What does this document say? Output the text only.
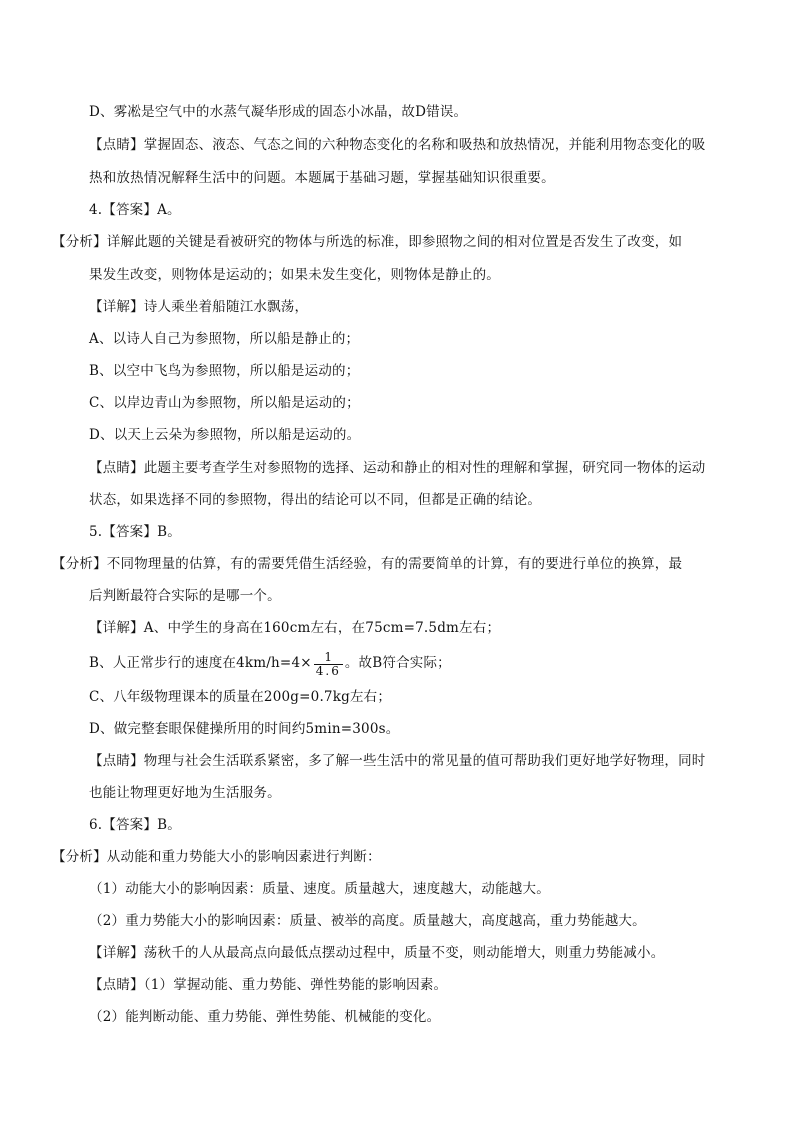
D、雾凇是空气中的水蒸气凝华形成的固态小冰晶，故D错误。
【点睛】掌握固态、液态、气态之间的六种物态变化的名称和吸热和放热情况，并能利用物态变化的吸
热和放热情况解释生活中的问题。本题属于基础习题，掌握基础知识很重要。
4.【答案】A。
【分析】详解此题的关键是看被研究的物体与所选的标准，即参照物之间的相对位置是否发生了改变，如
果发生改变，则物体是运动的；如果未发生变化，则物体是静止的。
【详解】诗人乘坐着船随江水飘荡，
A、以诗人自己为参照物，所以船是静止的；
B、以空中飞鸟为参照物，所以船是运动的；
C、以岸边青山为参照物，所以船是运动的；
D、以天上云朵为参照物，所以船是运动的。
【点睛】此题主要考查学生对参照物的选择、运动和静止的相对性的理解和掌握，研究同一物体的运动
状态，如果选择不同的参照物，得出的结论可以不同，但都是正确的结论。
5.【答案】B。
【分析】不同物理量的估算，有的需要凭借生活经验，有的需要简单的计算，有的要进行单位的换算，最
后判断最符合实际的是哪一个。
【详解】A、中学生的身高在160cm左右，在75cm=7.5dm左右；
B、人正常步行的速度在$4km/h=4\times \frac{1}{4.6}$ 。故B符合实际；
C、八年级物理课本的质量在200g=0.7kg左右；
D、做完整套眼保健操所用的时间约5min=300s。
【点睛】物理与社会生活联系紧密，多了解一些生活中的常见量的值可帮助我们更好地学好物理，同时
也能让物理更好地为生活服务。
6.【答案】B。
【分析】从动能和重力势能大小的影响因素进行判断：
（1）动能大小的影响因素：质量、速度。质量越大，速度越大，动能越大。
（2）重力势能大小的影响因素：质量、被举的高度。质量越大，高度越高，重力势能越大。
【详解】荡秋千的人从最高点向最低点摆动过程中，质量不变，则动能增大，则重力势能减小。
【点睛】（1）掌握动能、重力势能、弹性势能的影响因素。
（2）能判断动能、重力势能、弹性势能、机械能的变化。
